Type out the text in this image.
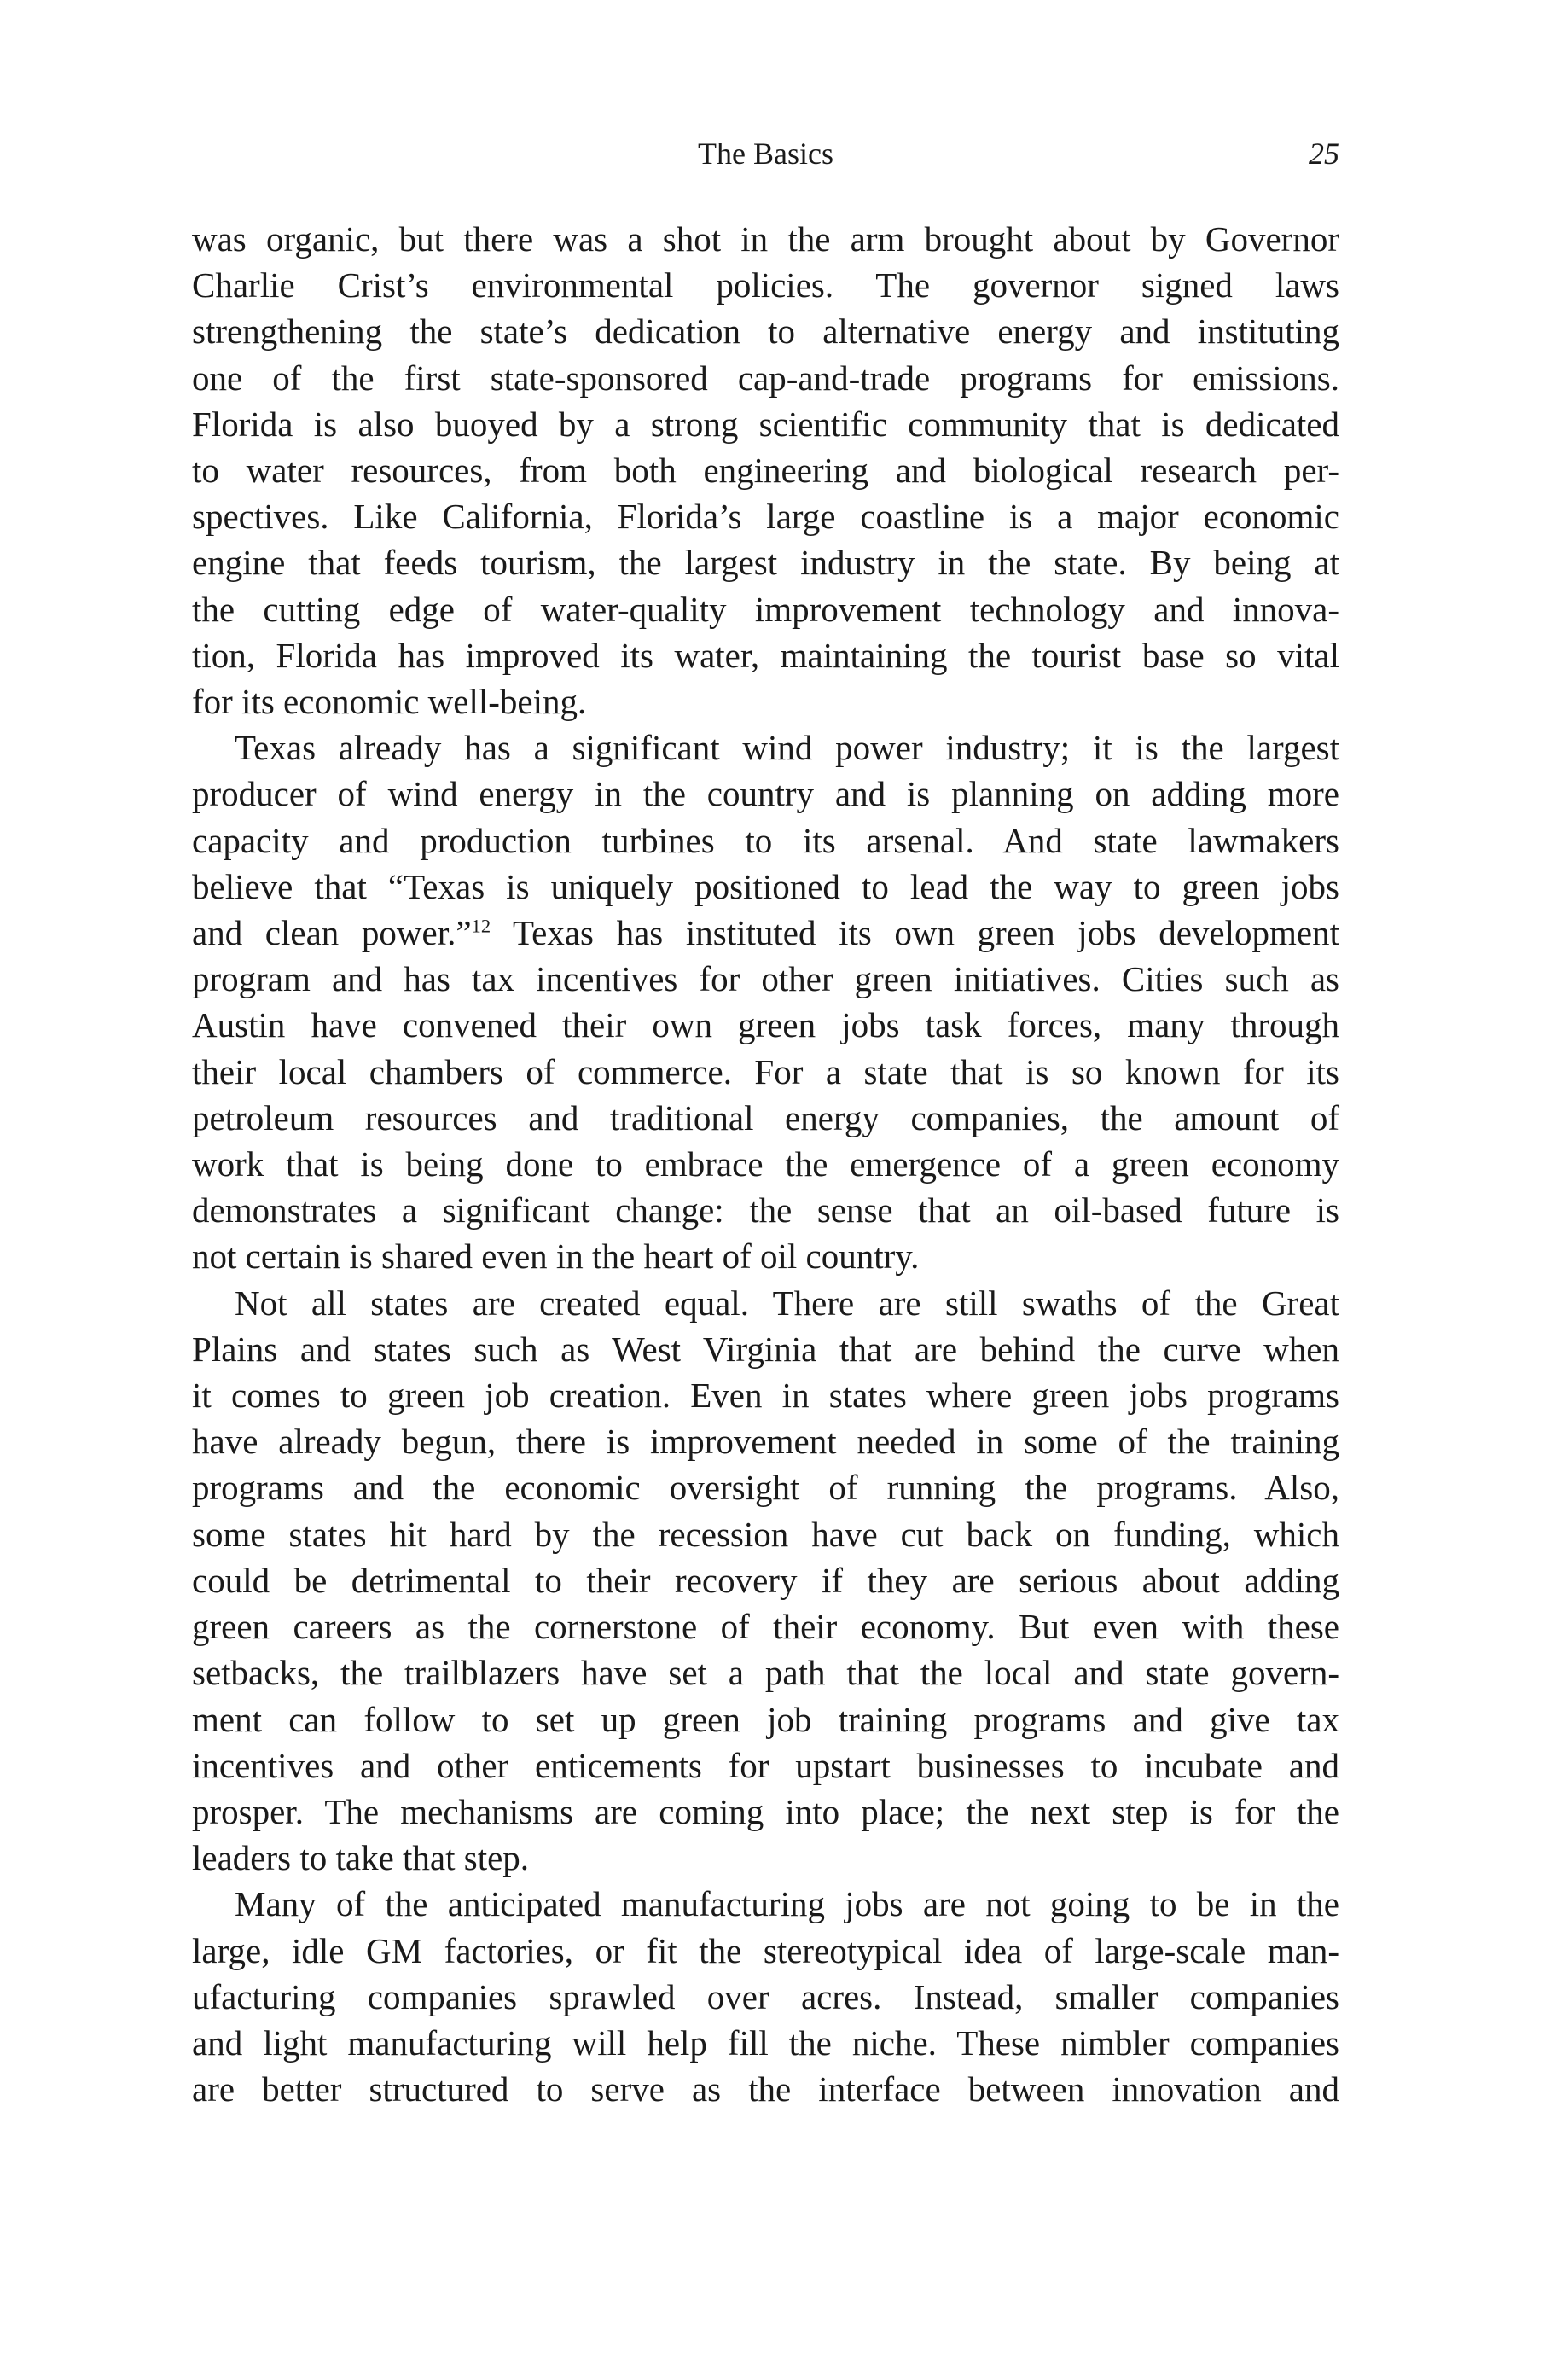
The Basics	25
was organic, but there was a shot in the arm brought about by Governor
Charlie Crist’s environmental policies. The governor signed laws
strengthening the state’s dedication to alternative energy and instituting
one of the first state-sponsored cap-and-trade programs for emissions.
Florida is also buoyed by a strong scientific community that is dedicated
to water resources, from both engineering and biological research per-
spectives. Like California, Florida’s large coastline is a major economic
engine that feeds tourism, the largest industry in the state. By being at
the cutting edge of water-quality improvement technology and innova-
tion, Florida has improved its water, maintaining the tourist base so vital
for its economic well-being.
Texas already has a significant wind power industry; it is the largest
producer of wind energy in the country and is planning on adding more
capacity and production turbines to its arsenal. And state lawmakers
believe that “Texas is uniquely positioned to lead the way to green jobs
and clean power.”$^{12}$ Texas has instituted its own green jobs development
program and has tax incentives for other green initiatives. Cities such as
Austin have convened their own green jobs task forces, many through
their local chambers of commerce. For a state that is so known for its
petroleum resources and traditional energy companies, the amount of
work that is being done to embrace the emergence of a green economy
demonstrates a significant change: the sense that an oil-based future is
not certain is shared even in the heart of oil country.
Not all states are created equal. There are still swaths of the Great
Plains and states such as West Virginia that are behind the curve when
it comes to green job creation. Even in states where green jobs programs
have already begun, there is improvement needed in some of the training
programs and the economic oversight of running the programs. Also,
some states hit hard by the recession have cut back on funding, which
could be detrimental to their recovery if they are serious about adding
green careers as the cornerstone of their economy. But even with these
setbacks, the trailblazers have set a path that the local and state govern-
ment can follow to set up green job training programs and give tax
incentives and other enticements for upstart businesses to incubate and
prosper. The mechanisms are coming into place; the next step is for the
leaders to take that step.
Many of the anticipated manufacturing jobs are not going to be in the
large, idle GM factories, or fit the stereotypical idea of large-scale man-
ufacturing companies sprawled over acres. Instead, smaller companies
and light manufacturing will help fill the niche. These nimbler companies
are better structured to serve as the interface between innovation and
